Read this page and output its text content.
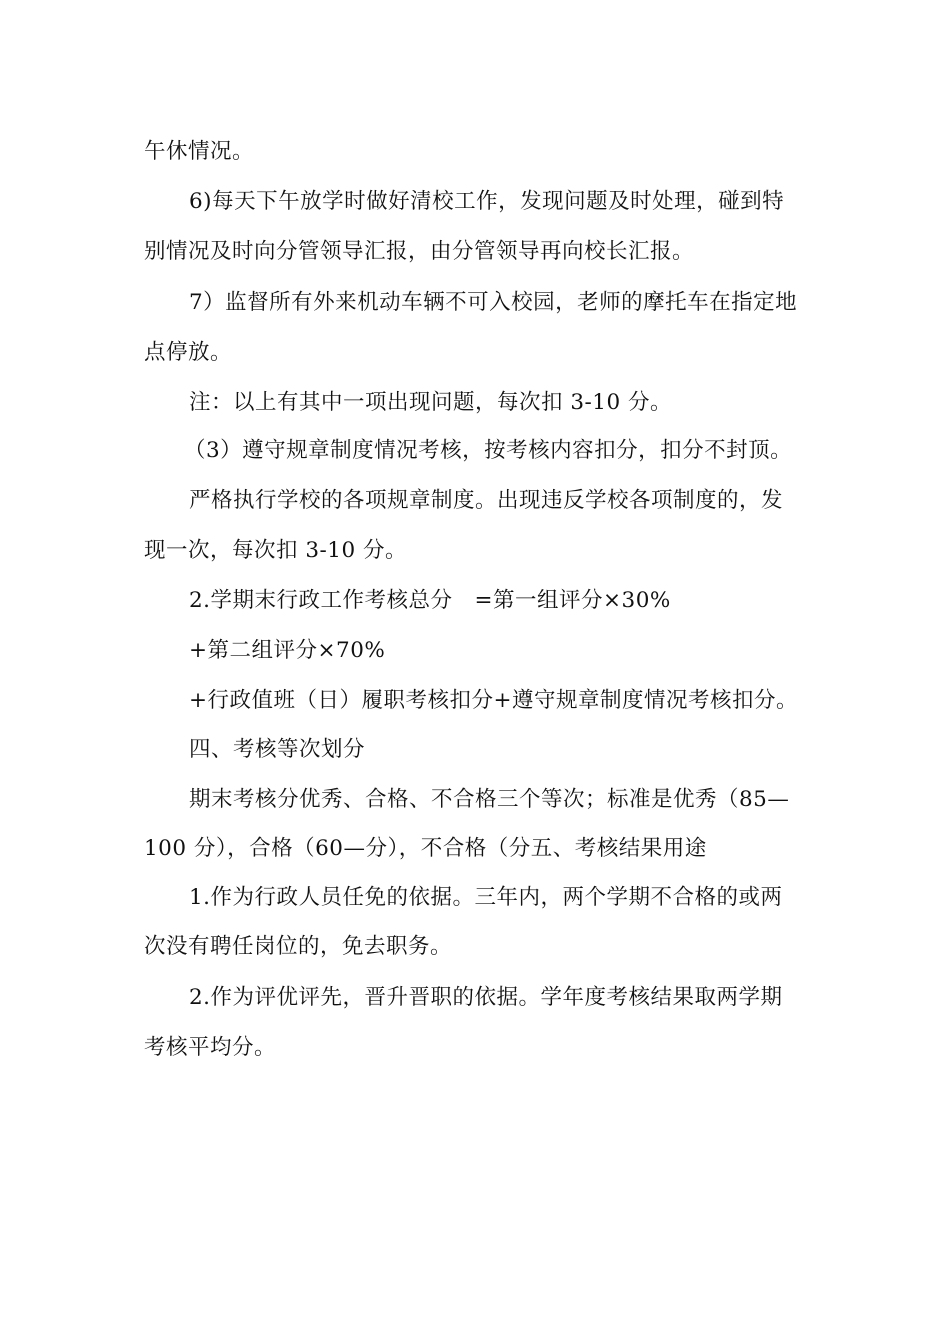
午休情况。
6)每天下午放学时做好清校工作，发现问题及时处理，碰到特
别情况及时向分管领导汇报，由分管领导再向校长汇报。
7）监督所有外来机动车辆不可入校园，老师的摩托车在指定地
点停放。
注：以上有其中一项出现问题，每次扣 3-10 分。
（3）遵守规章制度情况考核，按考核内容扣分，扣分不封顶。
严格执行学校的各项规章制度。出现违反学校各项制度的，发
现一次，每次扣 3-10 分。
2.学期末行政工作考核总分　=第一组评分×30%
+第二组评分×70%
+行政值班（日）履职考核扣分+遵守规章制度情况考核扣分。
四、考核等次划分
期末考核分优秀、合格、不合格三个等次；标准是优秀（85—
100 分），合格（60—分），不合格（分五、考核结果用途
1.作为行政人员任免的依据。三年内，两个学期不合格的或两
次没有聘任岗位的，免去职务。
2.作为评优评先，晋升晋职的依据。学年度考核结果取两学期
考核平均分。
